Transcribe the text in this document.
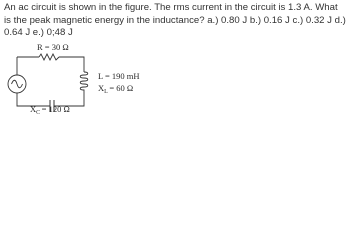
An ac circuit is shown in the figure. The rms current in the circuit is 1.3 A. What is the peak magnetic energy in the inductance? a.) 0.80 J b.) 0.16 J c.) 0.32 J d.) 0.64 J e.) 0;48 J

R = 30 Ω
L = 190 mH
$X_L = 60$ Ω
$X_C = 120$ Ω
